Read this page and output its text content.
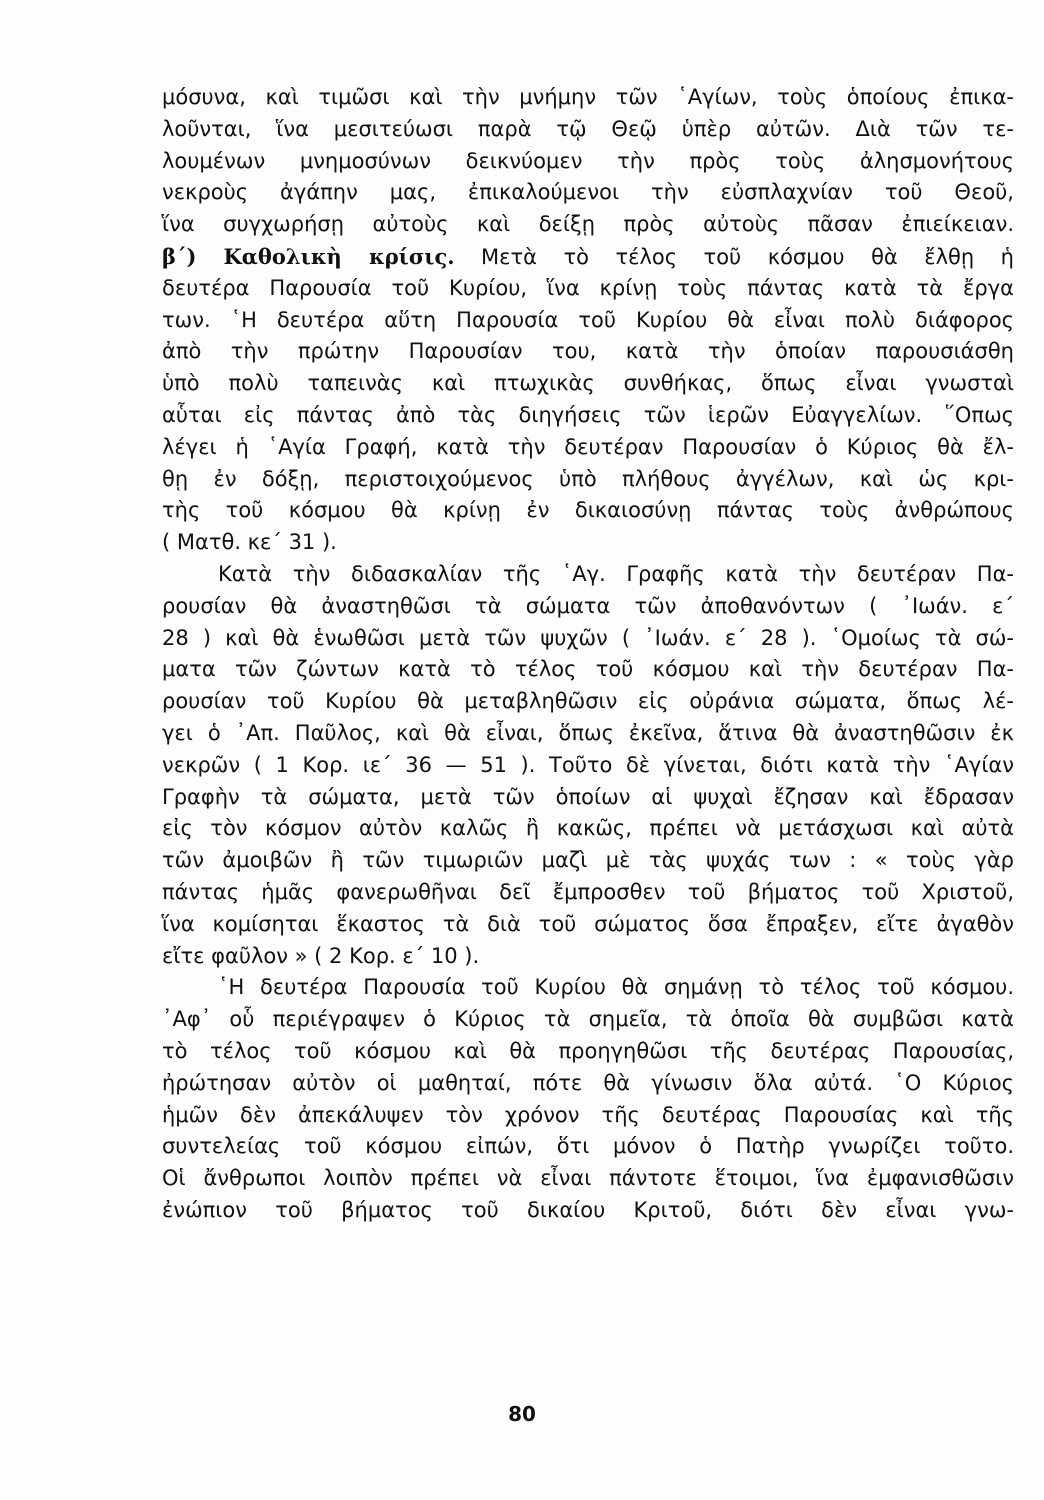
μόσυνα, καὶ τιμῶσι καὶ τὴν μνήμην τῶν ῾Αγίων, τοὺς ὁποίους ἐπικα-
λοῦνται, ἵνα μεσιτεύωσι παρὰ τῷ Θεῷ ὑπὲρ αὐτῶν. Διὰ τῶν τε-
λουμένων μνημοσύνων δεικνύομεν τὴν πρὸς τοὺς ἀλησμονήτους
νεκροὺς ἀγάπην μας, ἐπικαλούμενοι τὴν εὐσπλαχνίαν τοῦ Θεοῦ,
ἵνα συγχωρήσῃ αὐτοὺς καὶ δείξῃ πρὸς αὐτοὺς πᾶσαν ἐπιείκειαν.
β΄) Καθολικὴ κρίσις. Μετὰ τὸ τέλος τοῦ κόσμου θὰ ἔλθῃ ἡ
δευτέρα Παρουσία τοῦ Κυρίου, ἵνα κρίνῃ τοὺς πάντας κατὰ τὰ ἔργα
των. ῾Η δευτέρα αὕτη Παρουσία τοῦ Κυρίου θὰ εἶναι πολὺ διάφορος
ἀπὸ τὴν πρώτην Παρουσίαν του, κατὰ τὴν ὁποίαν παρουσιάσθη
ὑπὸ πολὺ ταπεινὰς καὶ πτωχικὰς συνθήκας, ὅπως εἶναι γνωσταὶ
αὗται εἰς πάντας ἀπὸ τὰς διηγήσεις τῶν ἱερῶν Εὐαγγελίων. ῞Οπως
λέγει ἡ ῾Αγία Γραφή, κατὰ τὴν δευτέραν Παρουσίαν ὁ Κύριος θὰ ἔλ-
θῃ ἐν δόξῃ, περιστοιχούμενος ὑπὸ πλήθους ἀγγέλων, καὶ ὡς κρι-
τὴς τοῦ κόσμου θὰ κρίνῃ ἐν δικαιοσύνῃ πάντας τοὺς ἀνθρώπους
( Ματθ. κε΄ 31 ).
Κατὰ τὴν διδασκαλίαν τῆς ῾Αγ. Γραφῆς κατὰ τὴν δευτέραν Πα-
ρουσίαν θὰ ἀναστηθῶσι τὰ σώματα τῶν ἀποθανόντων ( ᾿Ιωάν. ε΄
28 ) καὶ θὰ ἑνωθῶσι μετὰ τῶν ψυχῶν ( ᾿Ιωάν. ε΄ 28 ). ῾Ομοίως τὰ σώ-
ματα τῶν ζώντων κατὰ τὸ τέλος τοῦ κόσμου καὶ τὴν δευτέραν Πα-
ρουσίαν τοῦ Κυρίου θὰ μεταβληθῶσιν εἰς οὐράνια σώματα, ὅπως λέ-
γει ὁ ᾿Απ. Παῦλος, καὶ θὰ εἶναι, ὅπως ἐκεῖνα, ἅτινα θὰ ἀναστηθῶσιν ἐκ
νεκρῶν ( 1 Κορ. ιε΄ 36 — 51 ). Τοῦτο δὲ γίνεται, διότι κατὰ τὴν ῾Αγίαν
Γραφὴν τὰ σώματα, μετὰ τῶν ὁποίων αἱ ψυχαὶ ἔζησαν καὶ ἔδρασαν
εἰς τὸν κόσμον αὐτὸν καλῶς ἢ κακῶς, πρέπει νὰ μετάσχωσι καὶ αὐτὰ
τῶν ἀμοιβῶν ἢ τῶν τιμωριῶν μαζὶ μὲ τὰς ψυχάς των : « τοὺς γὰρ
πάντας ἡμᾶς φανερωθῆναι δεῖ ἔμπροσθεν τοῦ βήματος τοῦ Χριστοῦ,
ἵνα κομίσηται ἕκαστος τὰ διὰ τοῦ σώματος ὅσα ἔπραξεν, εἴτε ἀγαθὸν
εἴτε φαῦλον » ( 2 Κορ. ε΄ 10 ).
῾Η δευτέρα Παρουσία τοῦ Κυρίου θὰ σημάνῃ τὸ τέλος τοῦ κόσμου.
᾿Αφ᾿ οὗ περιέγραψεν ὁ Κύριος τὰ σημεῖα, τὰ ὁποῖα θὰ συμβῶσι κατὰ
τὸ τέλος τοῦ κόσμου καὶ θὰ προηγηθῶσι τῆς δευτέρας Παρουσίας,
ἠρώτησαν αὐτὸν οἱ μαθηταί, πότε θὰ γίνωσιν ὅλα αὐτά. ῾Ο Κύριος
ἡμῶν δὲν ἀπεκάλυψεν τὸν χρόνον τῆς δευτέρας Παρουσίας καὶ τῆς
συντελείας τοῦ κόσμου εἰπών, ὅτι μόνον ὁ Πατὴρ γνωρίζει τοῦτο.
Οἱ ἄνθρωποι λοιπὸν πρέπει νὰ εἶναι πάντοτε ἕτοιμοι, ἵνα ἐμφανισθῶσιν
ἐνώπιον τοῦ βήματος τοῦ δικαίου Κριτοῦ, διότι δὲν εἶναι γνω-
80
